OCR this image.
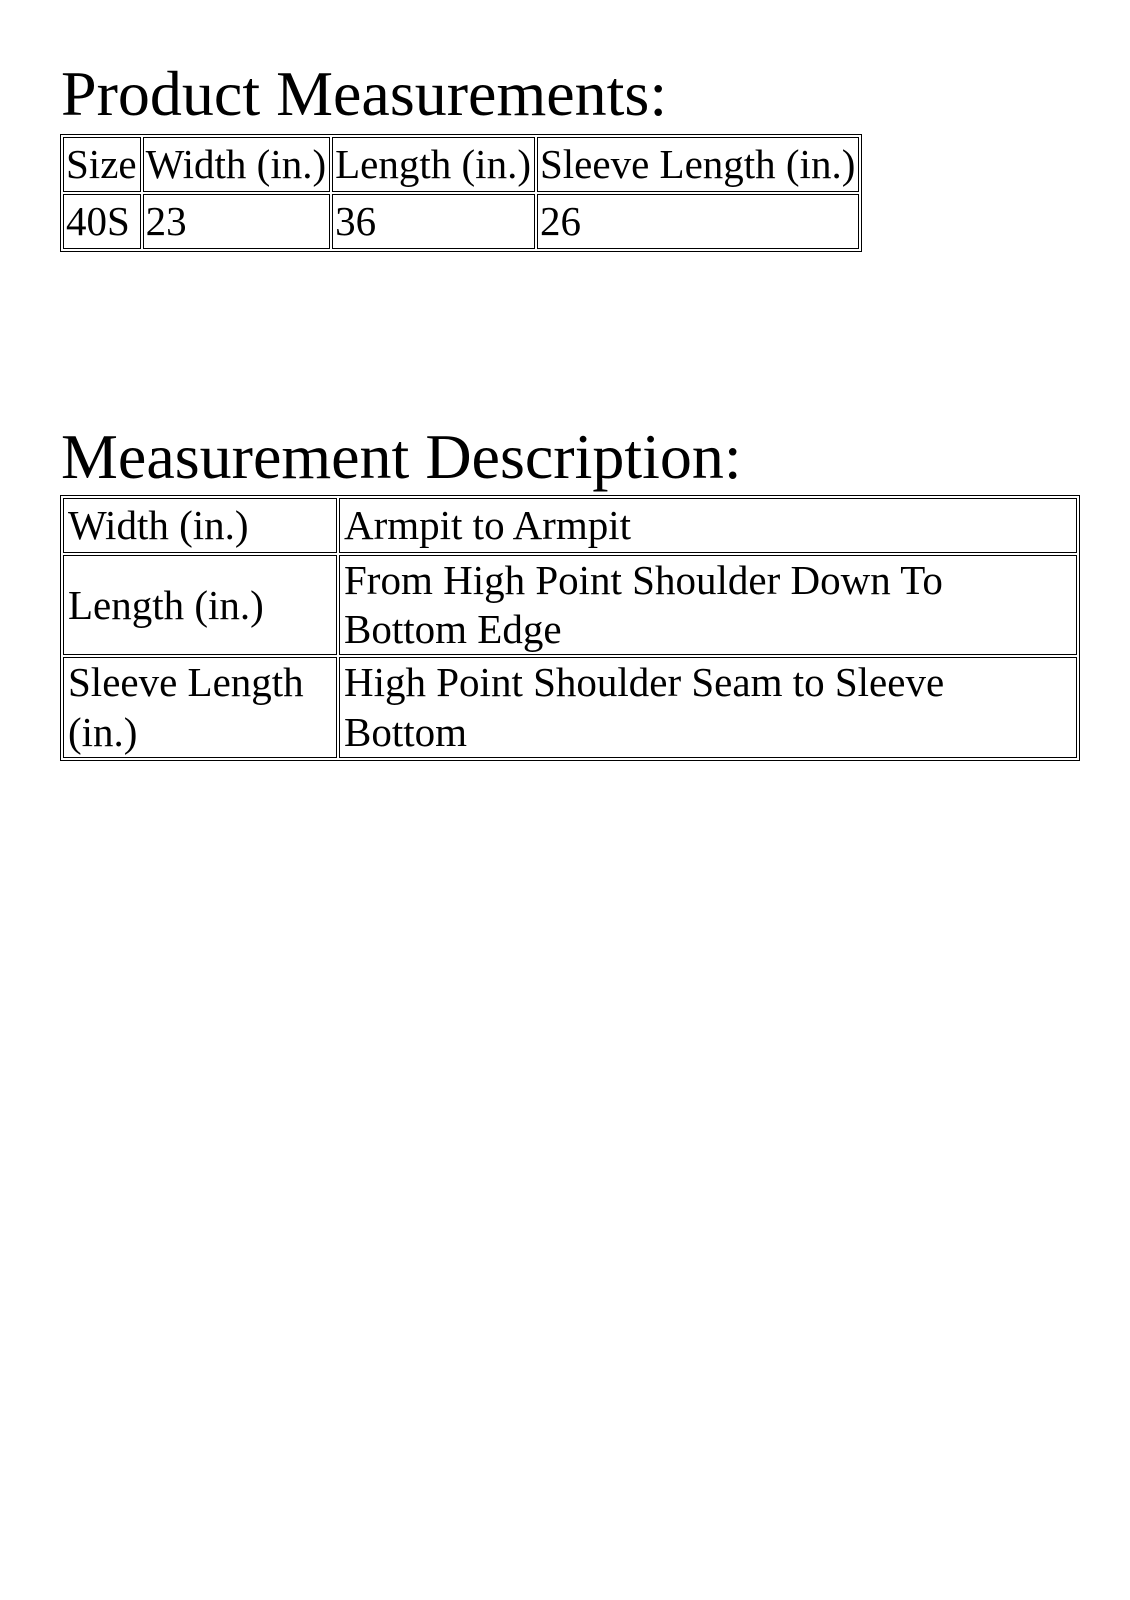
Product Measurements:
Size	Width (in.)	Length (in.)	Sleeve Length (in.)
40S	23	36	26
Measurement Description:
Width (in.)	Armpit to Armpit
Length (in.)	From High Point Shoulder Down To Bottom Edge
Sleeve Length (in.)	High Point Shoulder Seam to Sleeve Bottom
